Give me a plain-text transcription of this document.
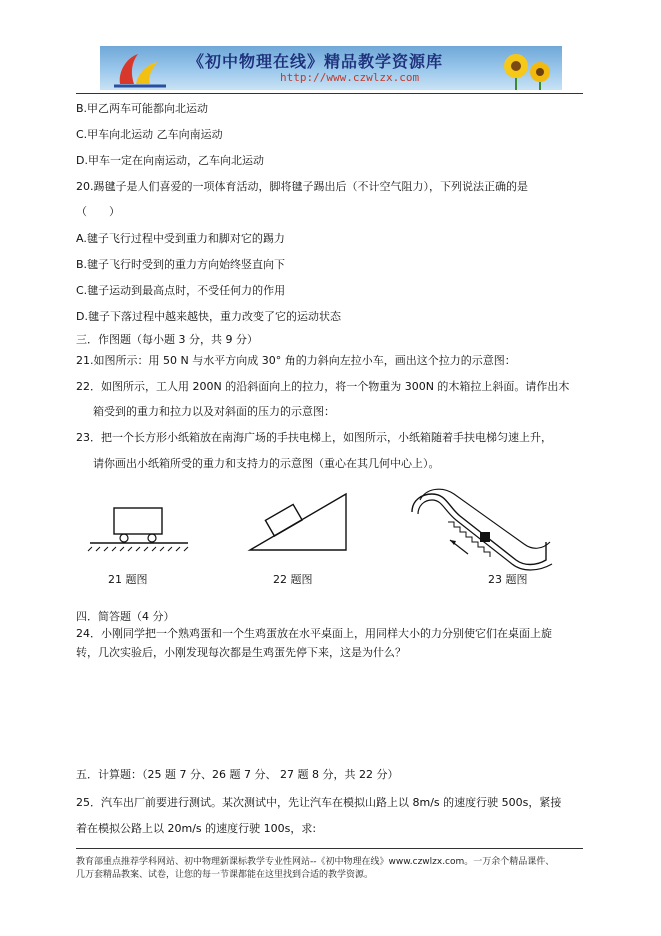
《初中物理在线》精品教学资源库
http://www.czwlzx.com
B.甲乙两车可能都向北运动
C.甲车向北运动 乙车向南运动
D.甲车一定在向南运动，乙车向北运动
20.踢毽子是人们喜爱的一项体育活动，脚将毽子踢出后（不计空气阻力），下列说法正确的是
（　　）
A.毽子飞行过程中受到重力和脚对它的踢力
B.毽子飞行时受到的重力方向始终竖直向下
C.毽子运动到最高点时，不受任何力的作用
D.毽子下落过程中越来越快，重力改变了它的运动状态
三．作图题（每小题 3 分，共 9 分）
21.如图所示：用 50 N 与水平方向成 30° 角的力斜向左拉小车，画出这个拉力的示意图：
22．如图所示，工人用 200N 的沿斜面向上的拉力，将一个物重为 300N 的木箱拉上斜面。请作出木
箱受到的重力和拉力以及对斜面的压力的示意图：
23．把一个长方形小纸箱放在南海广场的手扶电梯上，如图所示，小纸箱随着手扶电梯匀速上升，
请你画出小纸箱所受的重力和支持力的示意图（重心在其几何中心上）。
四．简答题（4 分）
24．小刚同学把一个熟鸡蛋和一个生鸡蛋放在水平桌面上，用同样大小的力分别使它们在桌面上旋
转，几次实验后，小刚发现每次都是生鸡蛋先停下来，这是为什么？
五．计算题：（25 题 7 分、26 题 7 分、 27 题 8 分，共 22 分）
25．汽车出厂前要进行测试。某次测试中，先让汽车在模拟山路上以 8m/s 的速度行驶 500s，紧接
着在模拟公路上以 20m/s 的速度行驶 100s，求:
21 题图	22 题图	23 题图
教育部重点推荐学科网站、初中物理新课标教学专业性网站--《初中物理在线》www.czwlzx.com。一万余个精品课件、
几万套精品教案、试卷，让您的每一节课都能在这里找到合适的教学资源。
